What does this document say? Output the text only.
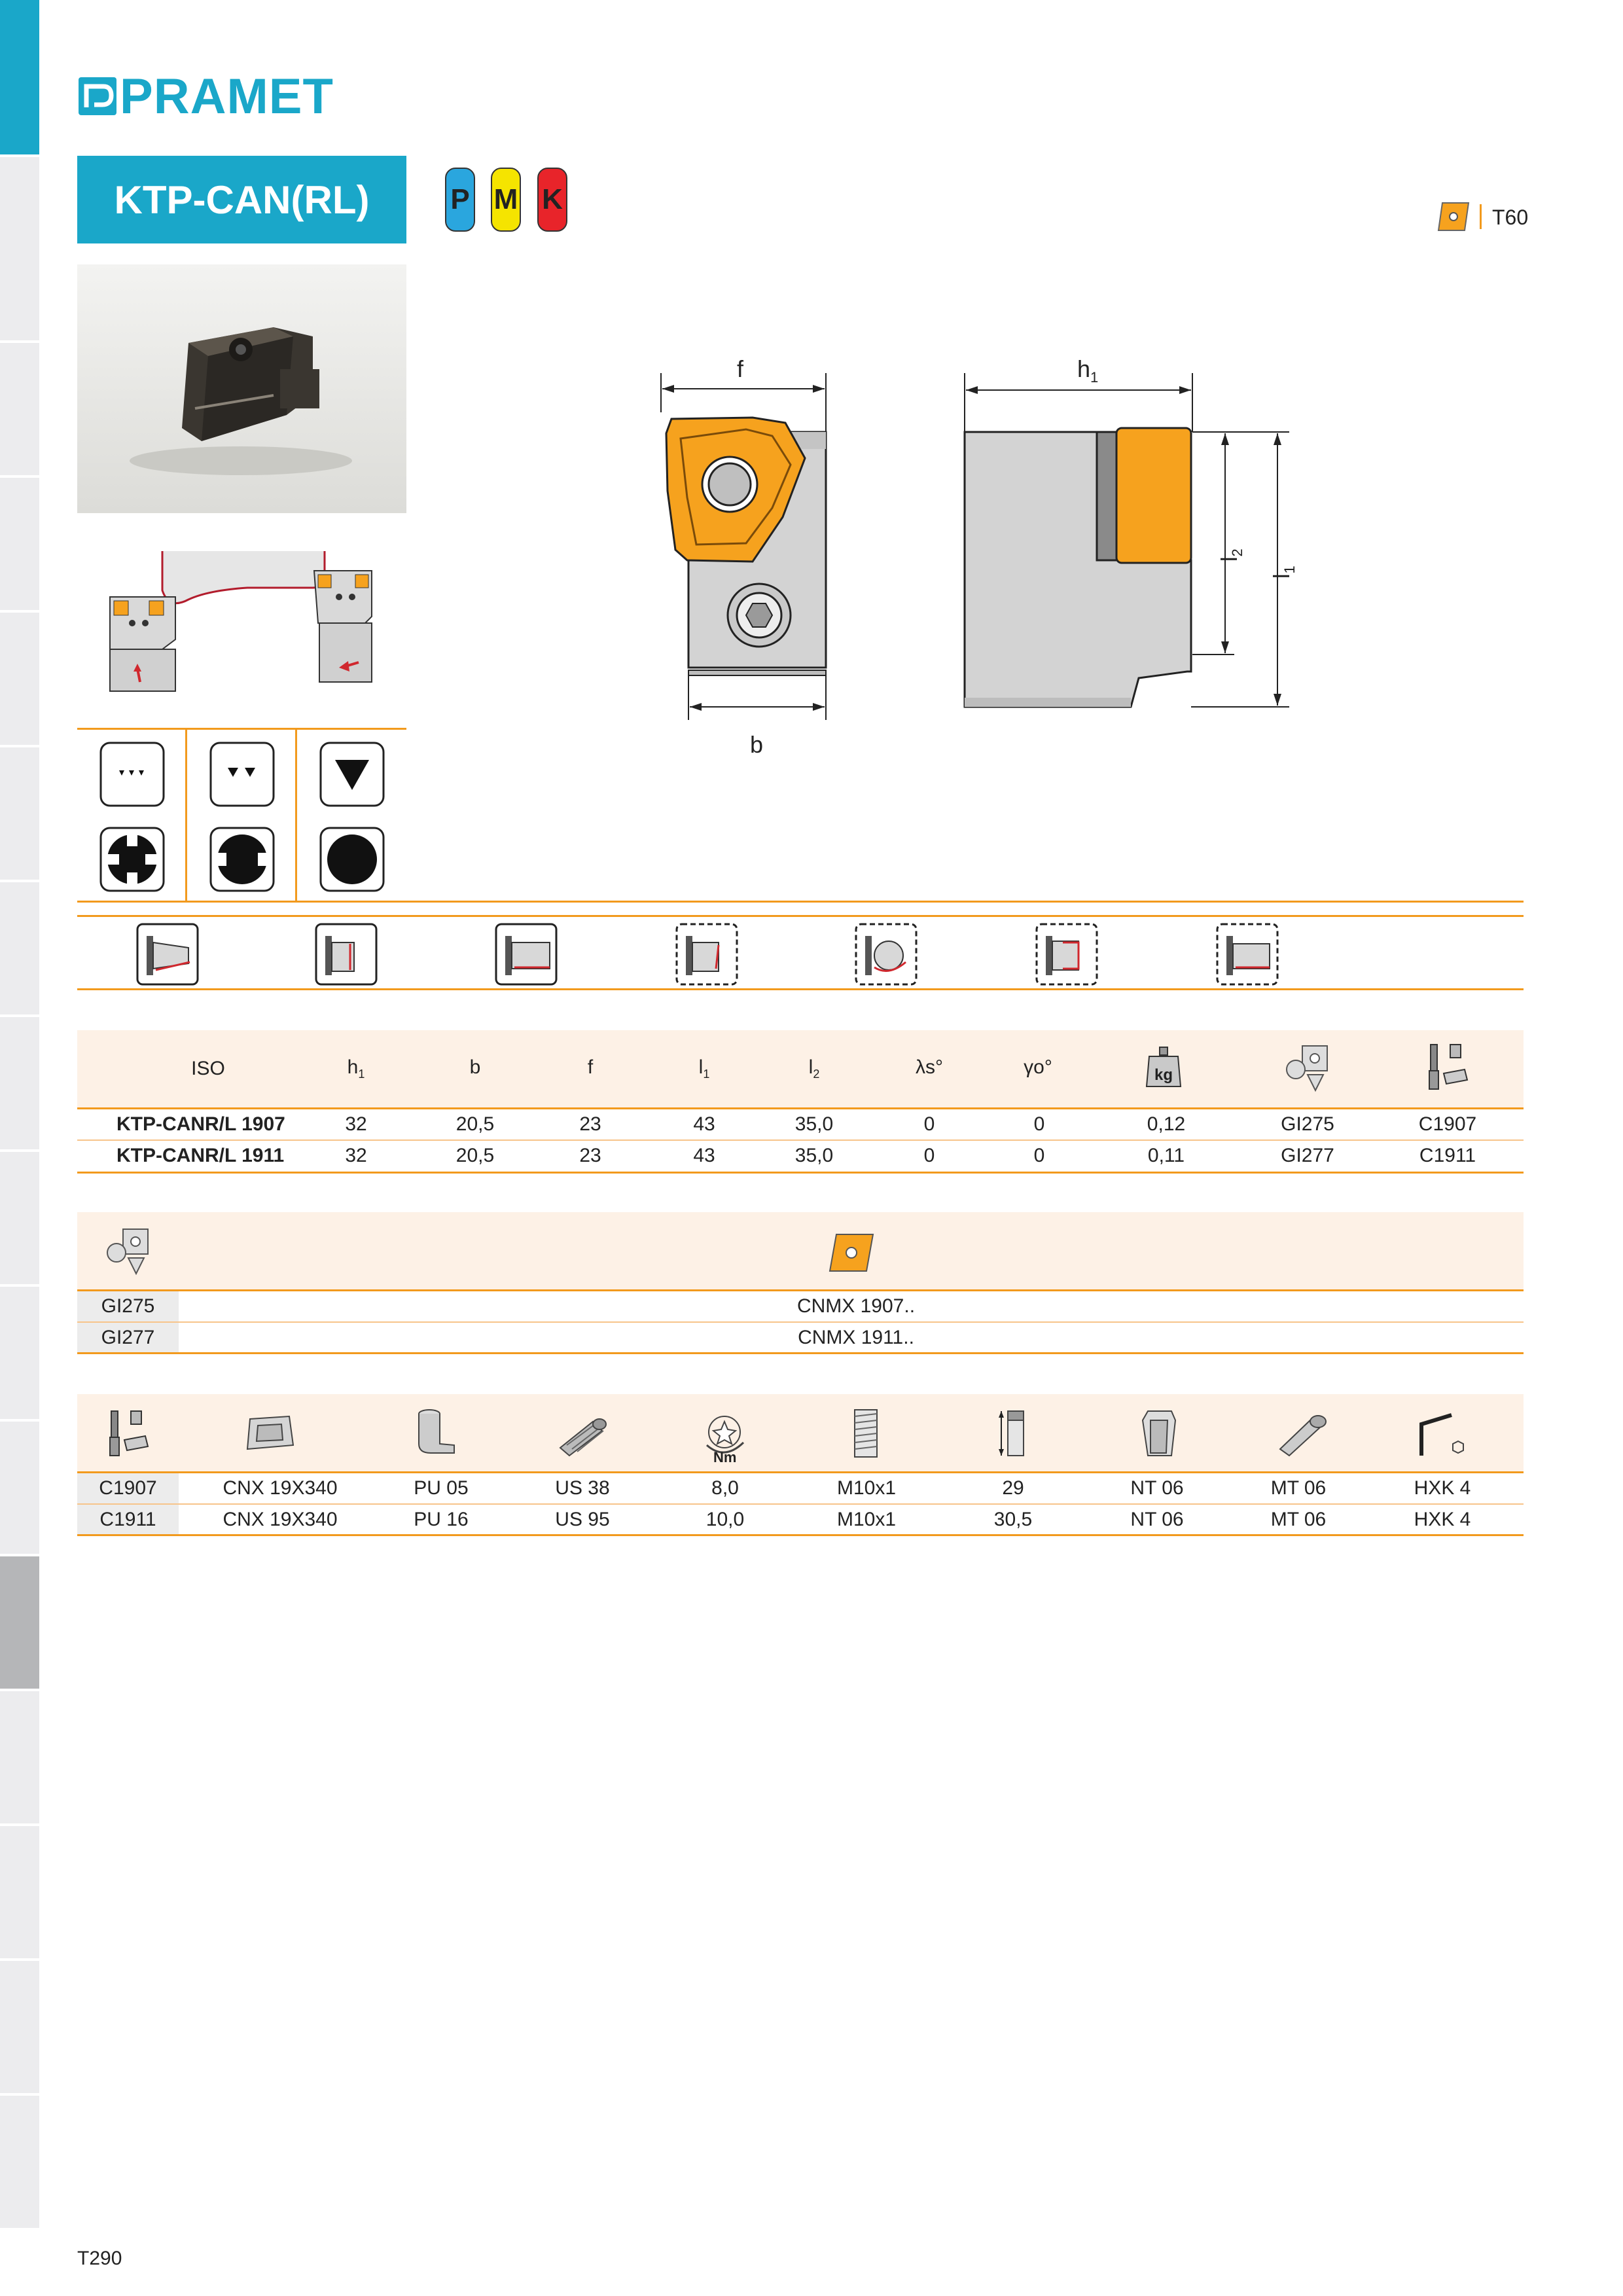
PRAMET
KTP-CAN(RL)	P M K
T60
f
b
$h_1$
$l_2$
$l_1$
ISO	$h_1$	b	f	$l_1$	$l_2$	λs°	γo°	kg
KTP-CANR/L 1907	32	20,5	23	43	35,0	0	0	0,12	GI275	C1907
KTP-CANR/L 1911	32	20,5	23	43	35,0	0	0	0,11	GI277	C1911
GI275	CNMX 1907..
GI277	CNMX 1911..
Nm
C1907	CNX 19X340	PU 05	US 38	8,0	M10x1	29	NT 06	MT 06	HXK 4
C1911	CNX 19X340	PU 16	US 95	10,0	M10x1	30,5	NT 06	MT 06	HXK 4
T290
